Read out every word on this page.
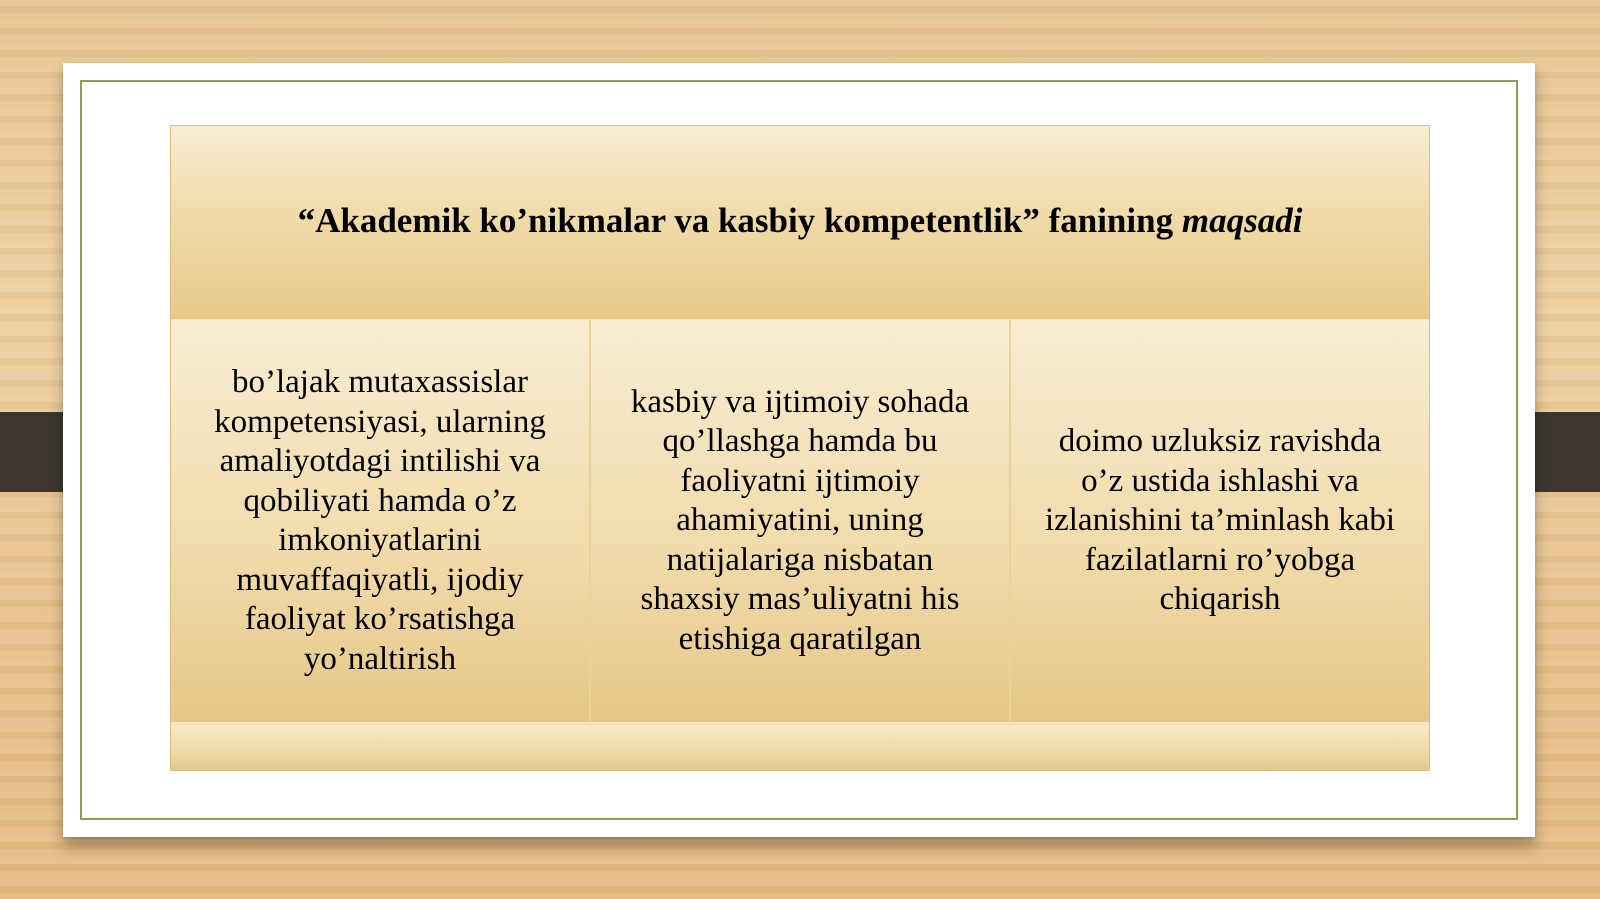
“Akademik ko’nikmalar va kasbiy kompetentlik” fanining maqsadi
bo’lajak mutaxassislar
kompetensiyasi, ularning
amaliyotdagi intilishi va
qobiliyati hamda o’z
imkoniyatlarini
muvaffaqiyatli, ijodiy
faoliyat ko’rsatishga
yo’naltirish
kasbiy va ijtimoiy sohada
qo’llashga hamda bu
faoliyatni ijtimoiy
ahamiyatini, uning
natijalariga nisbatan
shaxsiy mas’uliyatni his
etishiga qaratilgan
doimo uzluksiz ravishda
o’z ustida ishlashi va
izlanishini ta’minlash kabi
fazilatlarni ro’yobga
chiqarish
